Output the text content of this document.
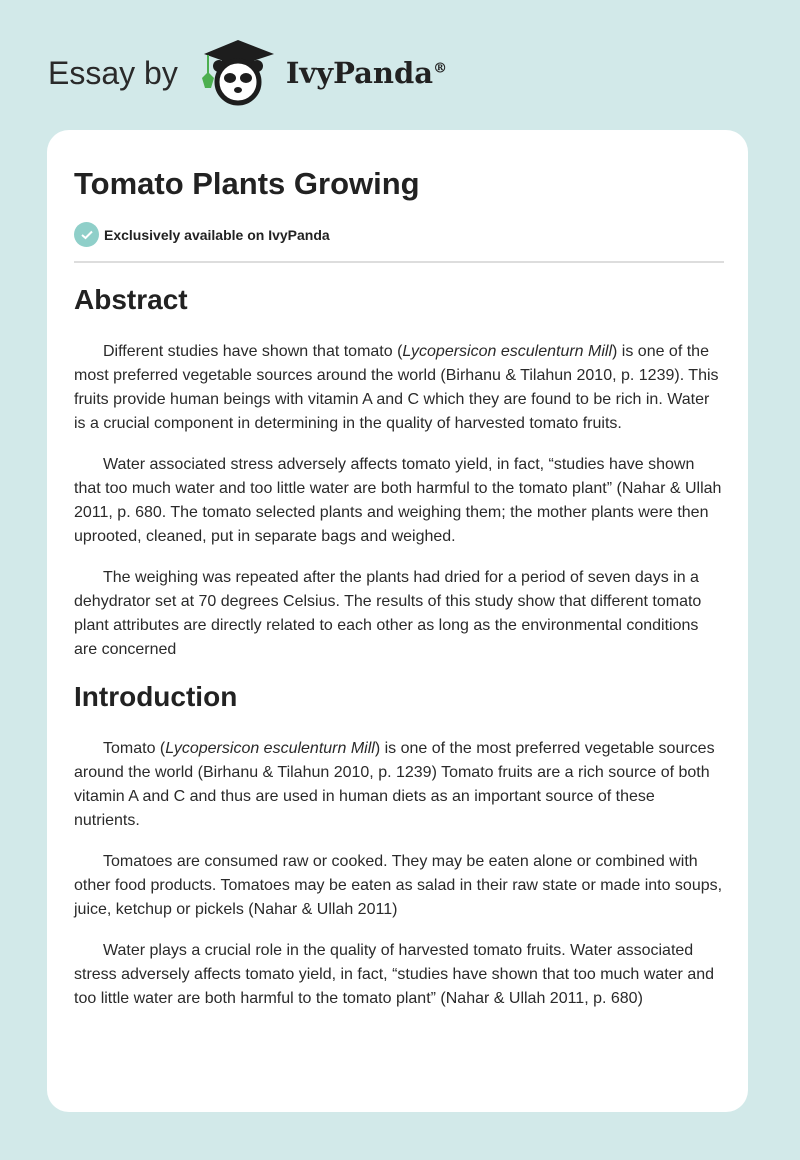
Essay by	IvyPanda®
Tomato Plants Growing
Exclusively available on IvyPanda
Abstract

Different studies have shown that tomato (Lycopersicon esculenturn Mill) is one of the most preferred vegetable sources around the world (Birhanu & Tilahun 2010, p. 1239). This fruits provide human beings with vitamin A and C which they are found to be rich in. Water is a crucial component in determining in the quality of harvested tomato fruits.

Water associated stress adversely affects tomato yield, in fact, “studies have shown that too much water and too little water are both harmful to the tomato plant” (Nahar & Ullah 2011, p. 680. The tomato selected plants and weighing them; the mother plants were then uprooted, cleaned, put in separate bags and weighed.

The weighing was repeated after the plants had dried for a period of seven days in a dehydrator set at 70 degrees Celsius. The results of this study show that different tomato plant attributes are directly related to each other as long as the environmental conditions are concerned

Introduction

Tomato (Lycopersicon esculenturn Mill) is one of the most preferred vegetable sources around the world (Birhanu & Tilahun 2010, p. 1239) Tomato fruits are a rich source of both vitamin A and C and thus are used in human diets as an important source of these nutrients.

Tomatoes are consumed raw or cooked. They may be eaten alone or combined with other food products. Tomatoes may be eaten as salad in their raw state or made into soups, juice, ketchup or pickels (Nahar & Ullah 2011)

Water plays a crucial role in the quality of harvested tomato fruits. Water associated stress adversely affects tomato yield, in fact, “studies have shown that too much water and too little water are both harmful to the tomato plant” (Nahar & Ullah 2011, p. 680)
